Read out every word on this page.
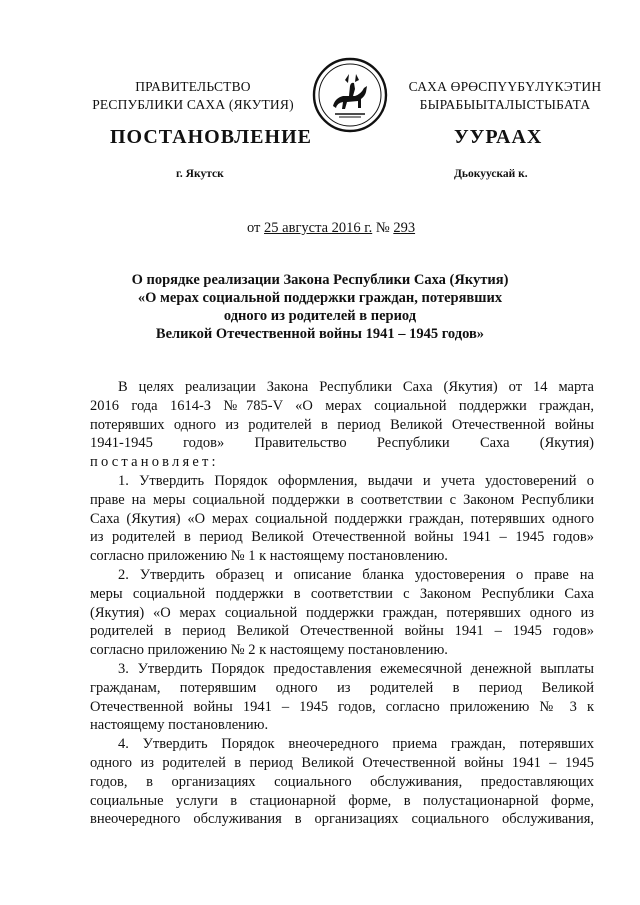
ПРАВИТЕЛЬСТВО
РЕСПУБЛИКИ САХА (ЯКУТИЯ)
САХА ӨРӨСПҮҮБҮЛҮКЭТИН
БЫРАБЫЫТАЛЫСТЫБАТА
ПОСТАНОВЛЕНИЕ	УУРААХ
г. Якутск	Дьокуускай к.
от 25 августа 2016 г. № 293
О порядке реализации Закона Республики Саха (Якутия)
«О мерах социальной поддержки граждан, потерявших
одного из родителей в период
Великой Отечественной войны 1941 – 1945 годов»
В целях реализации Закона Республики Саха (Якутия) от 14 марта
2016 года 1614-З №785-V «О мерах социальной поддержки граждан,
потерявших одного из родителей в период Великой Отечественной войны
1941-1945 годов» Правительство Республики Саха (Якутия)
постановляет:
1. Утвердить Порядок оформления, выдачи и учета удостоверений о
праве на меры социальной поддержки в соответствии с Законом Республики
Саха (Якутия) «О мерах социальной поддержки граждан, потерявших одного
из родителей в период Великой Отечественной войны 1941 – 1945 годов»
согласно приложению № 1 к настоящему постановлению.
2. Утвердить образец и описание бланка удостоверения о праве на
меры социальной поддержки в соответствии с Законом Республики Саха
(Якутия) «О мерах социальной поддержки граждан, потерявших одного из
родителей в период Великой Отечественной войны 1941 – 1945 годов»
согласно приложению № 2 к настоящему постановлению.
3. Утвердить Порядок предоставления ежемесячной денежной выплаты
гражданам, потерявшим одного из родителей в период Великой
Отечественной войны 1941 – 1945 годов, согласно приложению № 3 к
настоящему постановлению.
4. Утвердить Порядок внеочередного приема граждан, потерявших
одного из родителей в период Великой Отечественной войны 1941 – 1945
годов, в организациях социального обслуживания, предоставляющих
социальные услуги в стационарной форме, в полустационарной форме,
внеочередного обслуживания в организациях социального обслуживания,
